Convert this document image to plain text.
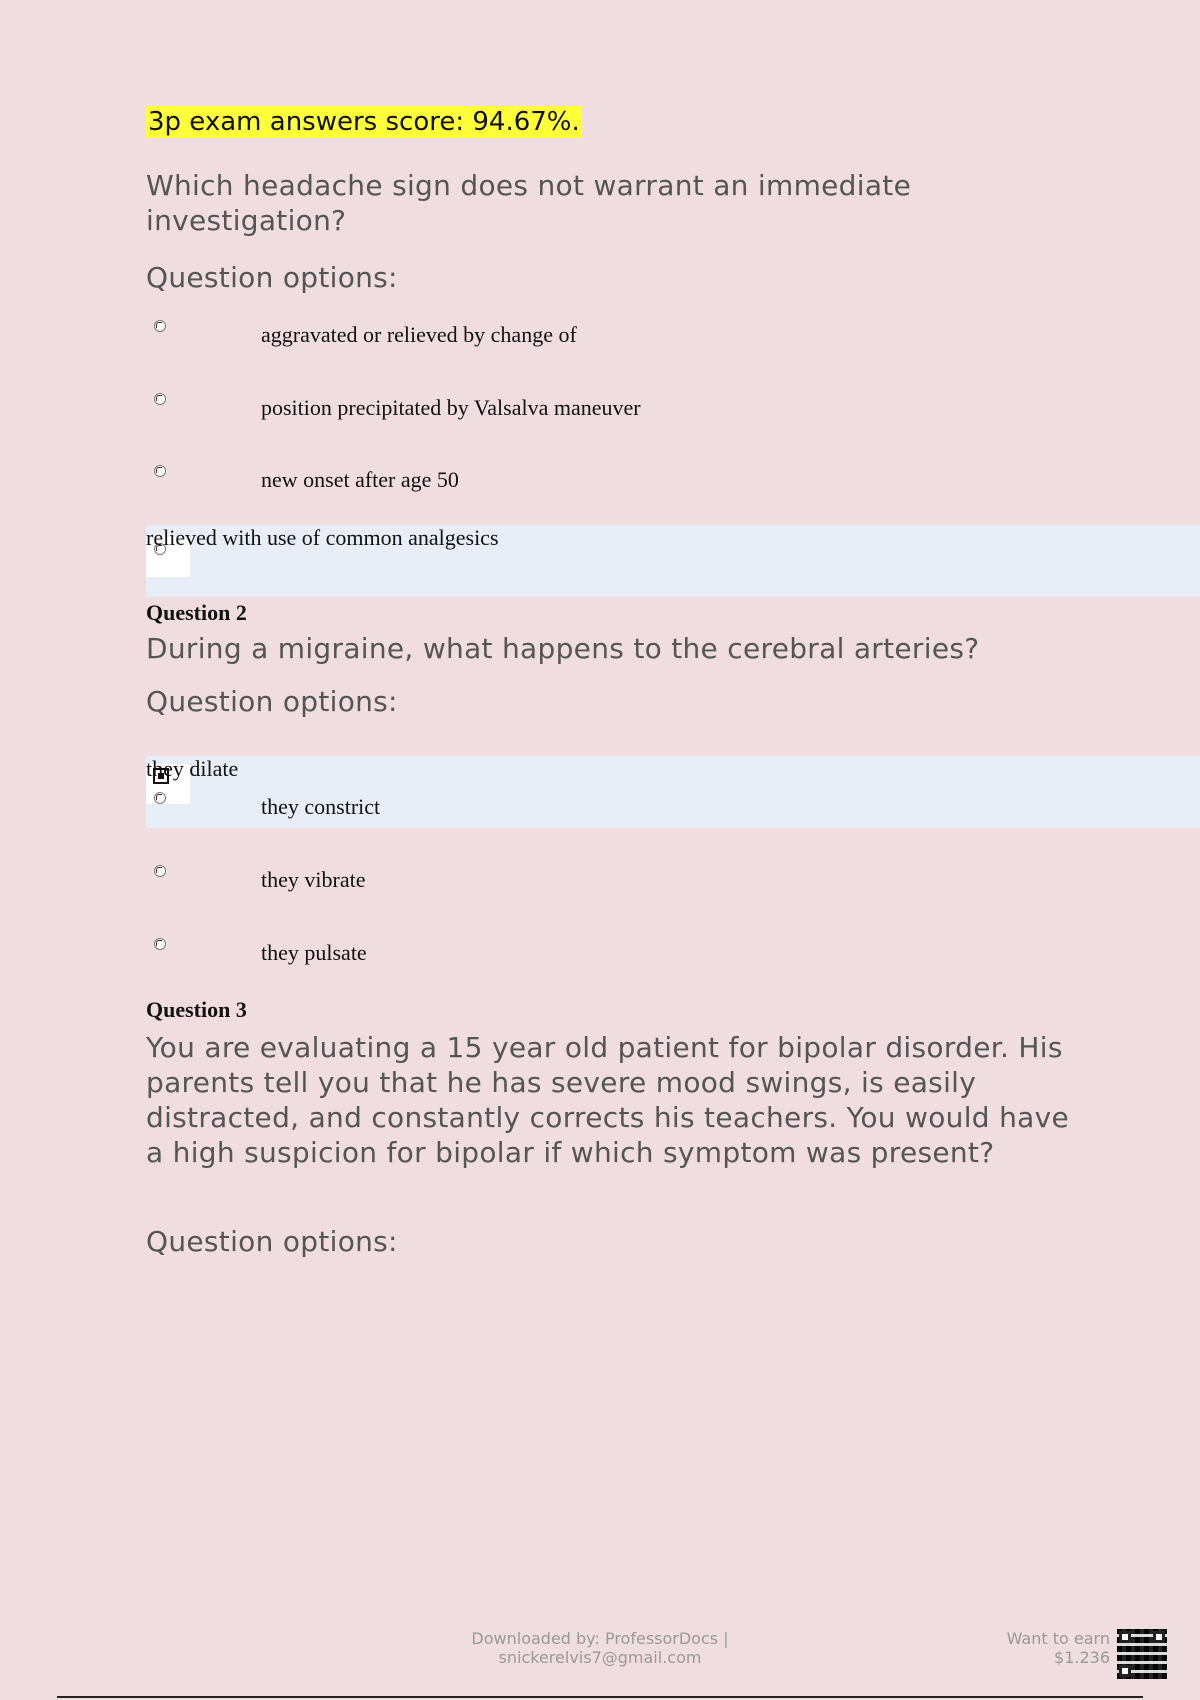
3p exam answers score: 94.67%.
Which headache sign does not warrant an immediate investigation?
Question options:
aggravated or relieved by change of
position precipitated by Valsalva maneuver
new onset after age 50
relieved with use of common analgesics
Question 2
During a migraine, what happens to the cerebral arteries?
Question options:
they dilate
they constrict
they vibrate
they pulsate
Question 3
You are evaluating a 15 year old patient for bipolar disorder. His parents tell you that he has severe mood swings, is easily distracted, and constantly corrects his teachers. You would have a high suspicion for bipolar if which symptom was present?
Question options:
Downloaded by: ProfessorDocs |
snickerelvis7@gmail.com
Want to earn
$1.236
